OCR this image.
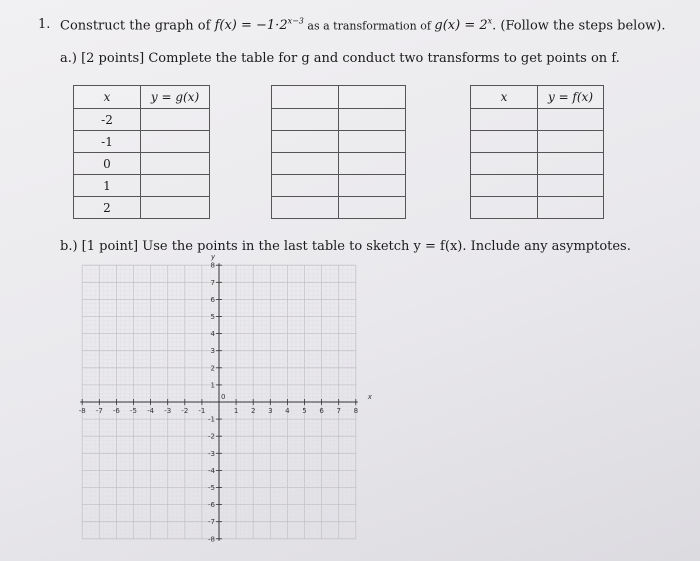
1. Construct the graph of $f(x) = -1\cdot 2^{x-3}$ as a transformation of $g(x) = 2^x$. (Follow the steps below).
a.) [2 points] Complete the table for g and conduct two transforms to get points on f.
x	y = g(x)
-2	
-1	
0	
1	
2	

x	y = f(x)

b.) [1 point] Use the points in the last table to sketch y = f(x). Include any asymptotes.
-8 -7 -6 -5 -4 -3 -2 -1	1 2 3 4 5 6 7 8
8
7
6
5
4
3
2
1
-1
-2
-3
-4
-5
-6
-7
-8
x
y
0
